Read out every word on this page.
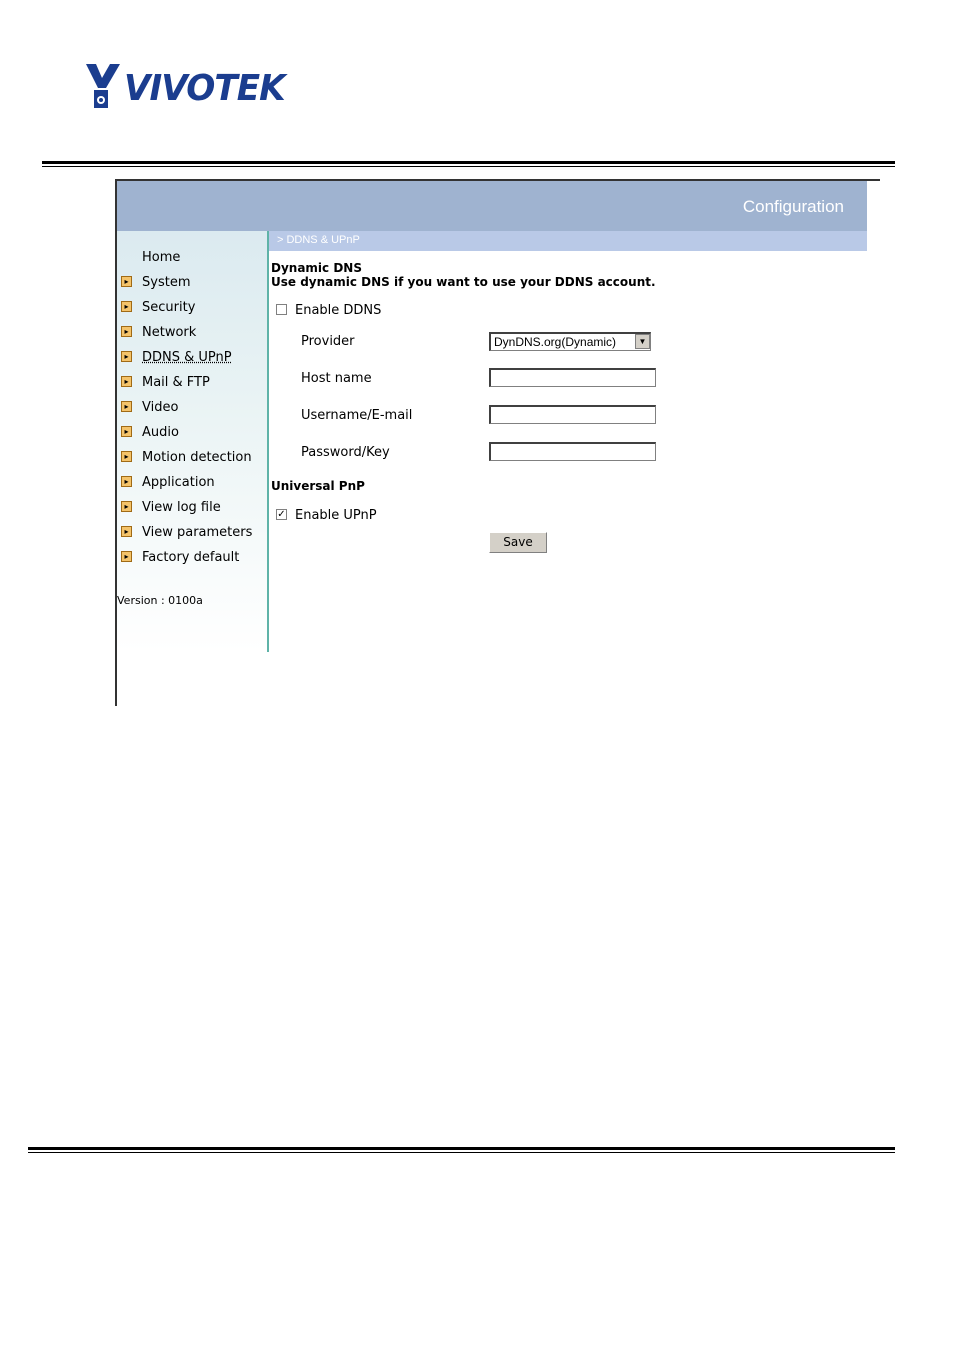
VIVOTEK
Configuration
Home
▸ System
▸ Security
▸ Network
▸ DDNS & UPnP
▸ Mail & FTP
▸ Video
▸ Audio
▸ Motion detection
▸ Application
▸ View log file
▸ View parameters
▸ Factory default
Version : 0100a
> DDNS & UPnP
Dynamic DNS
Use dynamic DNS if you want to use your DDNS account.
Enable DDNS
Provider	DynDNS.org(Dynamic)	▼
Host name
Username/E-mail
Password/Key
Universal PnP
✓ Enable UPnP
Save
